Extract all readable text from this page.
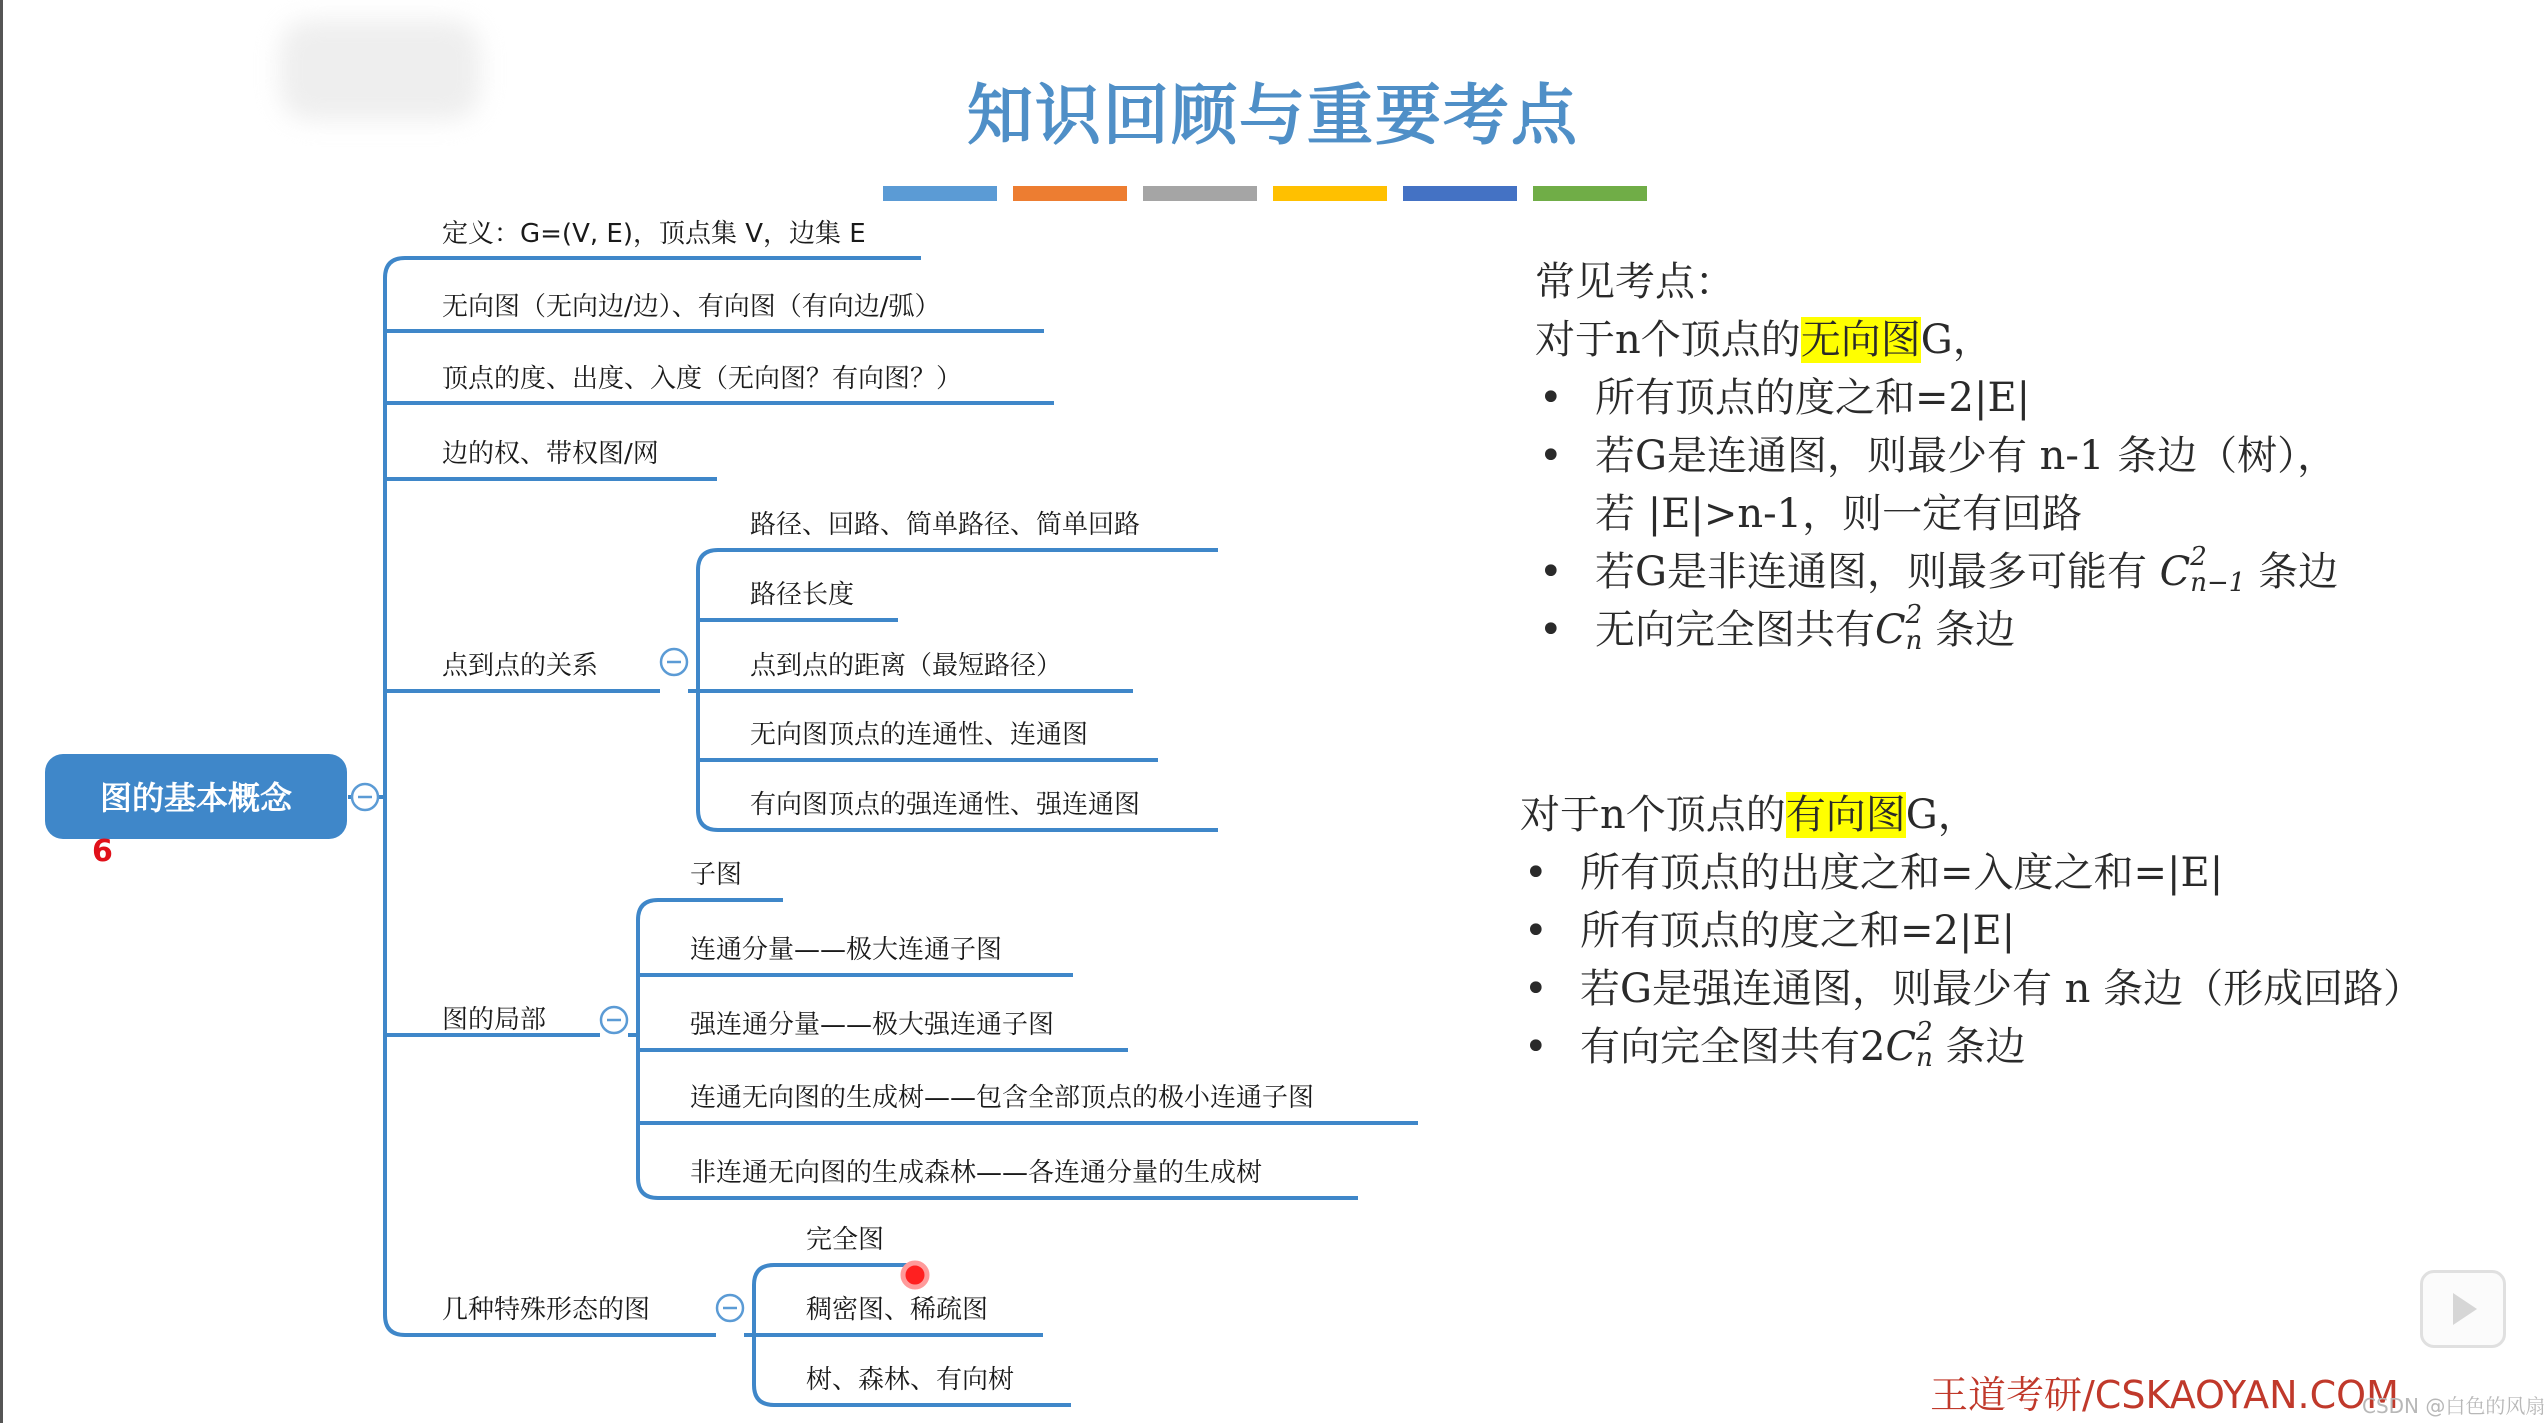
知识回顾与重要考点
图的基本概念
6
定义：G=(V, E)，顶点集 V，边集 E
无向图（无向边/边）、有向图（有向边/弧）
顶点的度、出度、入度（无向图？有向图？）
边的权、带权图/网
点到点的关系
路径、回路、简单路径、简单回路
路径长度
点到点的距离（最短路径）
无向图顶点的连通性、连通图
有向图顶点的强连通性、强连通图
图的局部
子图
连通分量——极大连通子图
强连通分量——极大强连通子图
连通无向图的生成树——包含全部顶点的极小连通子图
非连通无向图的生成森林——各连通分量的生成树
几种特殊形态的图
完全图
稠密图、稀疏图
树、森林、有向树
常见考点：
对于n个顶点的无向图G，
• 所有顶点的度之和=2|E|
• 若G是连通图，则最少有 n-1 条边（树），
若 |E|>n-1，则一定有回路
• 若G是非连通图，则最多可能有 C 2
n−1 条边
• 无向完全图共有C 2
n 条边
对于n个顶点的有向图G，
• 所有顶点的出度之和=入度之和=|E|
• 所有顶点的度之和=2|E|
• 若G是强连通图，则最少有 n 条边（形成回路）
• 有向完全图共有2C 2
n 条边
王道考研/CSKAOYAN.COM
CSDN @白色的风扇
